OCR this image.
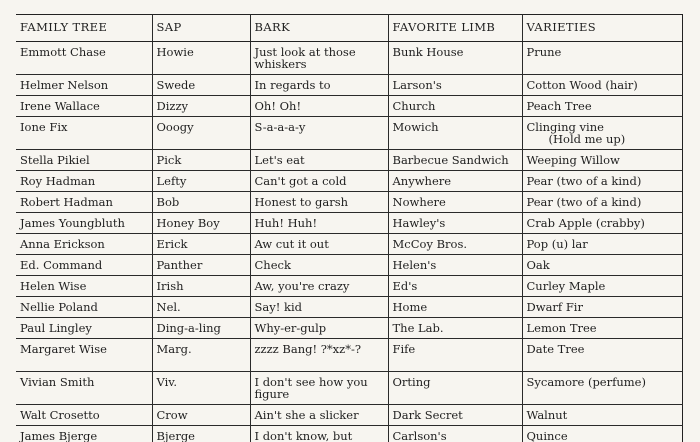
FAMILY TREE	SAP	BARK	FAVORITE LIMB	VARIETIES
Emmott Chase	Howie	Just look at those whiskers	Bunk House	Prune

Helmer Nelson	Swede	In regards to	Larson's	Cotton Wood (hair)

Irene Wallace	Dizzy	Oh! Oh!	Church	Peach Tree

Ione Fix	Ooogy	S-a-a-a-y	Mowich	Clinging vine
(Hold me up)

Stella Pikiel	Pick	Let's eat	Barbecue Sandwich	Weeping Willow

Roy Hadman	Lefty	Can't got a cold	Anywhere	Pear (two of a kind)

Robert Hadman	Bob	Honest to garsh	Nowhere	Pear (two of a kind)

James Youngbluth	Honey Boy	Huh! Huh!	Hawley's	Crab Apple (crabby)

Anna Erickson	Erick	Aw cut it out	McCoy Bros.	Pop (u) lar

Ed. Command	Panther	Check	Helen's	Oak

Helen Wise	Irish	Aw, you're crazy	Ed's	Curley Maple

Nellie Poland	Nel.	Say! kid	Home	Dwarf Fir

Paul Lingley	Ding-a-ling	Why-er-gulp	The Lab.	Lemon Tree

Margaret Wise	Marg.	zzzz Bang! ?*xz*-?	Fife	Date Tree

Vivian Smith	Viv.	I don't see how you figure	Orting	Sycamore (perfume)

Walt Crosetto	Crow	Ain't she a slicker	Dark Secret	Walnut

James Bjerge	Bjerge	I don't know, but	Carlson's	Quince
